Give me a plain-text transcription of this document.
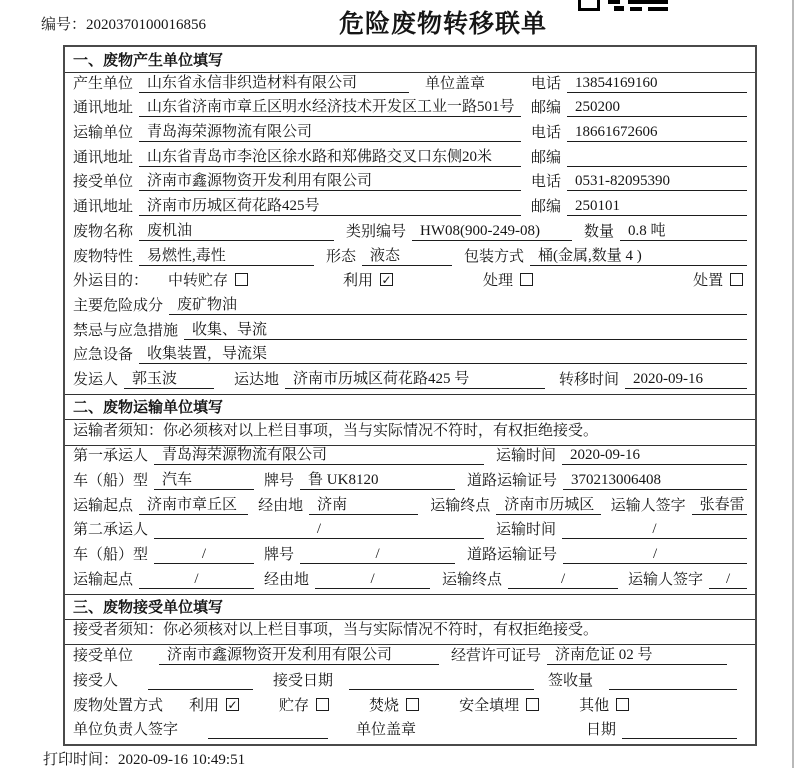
编号：2020370100016856	危险废物转移联单
一、废物产生单位填写
产生单位 山东省永信非织造材料有限公司	单位盖章	电话 13854169160
通讯地址 山东省济南市章丘区明水经济技术开发区工业一路501号	邮编 250200
运输单位 青岛海荣源物流有限公司	电话 18661672606
通讯地址 山东省青岛市李沧区徐水路和郑佛路交叉口东侧20米	邮编
接受单位 济南市鑫源物资开发利用有限公司	电话 0531-82095390
通讯地址 济南市历城区荷花路425号	邮编 250101
废物名称 废机油	类别编号 HW08(900-249-08)	数量 0.8 吨
废物特性 易燃性,毒性	形态 液态	包装方式 桶(金属,数量 4 )
外运目的： 中转贮存	利用 ✓	处理	处置
主要危险成分 废矿物油
禁忌与应急措施 收集、导流
应急设备 收集装置，导流渠
发运人 郭玉波	运达地 济南市历城区荷花路425 号	转移时间 2020-09-16
二、废物运输单位填写
运输者须知：你必须核对以上栏目事项，当与实际情况不符时，有权拒绝接受。
第一承运人 青岛海荣源物流有限公司	运输时间 2020-09-16
车（船）型 汽车	牌号 鲁 UK8120	道路运输证号 370213006408
运输起点 济南市章丘区	经由地 济南	运输终点 济南市历城区	运输人签字 张春雷
第二承运人	/	运输时间	/
车（船）型	/	牌号	/	道路运输证号	/
运输起点	/	经由地	/	运输终点	/	运输人签字	/
三、废物接受单位填写
接受者须知：你必须核对以上栏目事项，当与实际情况不符时，有权拒绝接受。
接受单位	济南市鑫源物资开发利用有限公司	经营许可证号 济南危证 02 号
接受人	接受日期	签收量
废物处置方式 利用 ✓	贮存	焚烧	安全填埋	其他
单位负责人签字	单位盖章	日期
打印时间：2020-09-16 10:49:51
